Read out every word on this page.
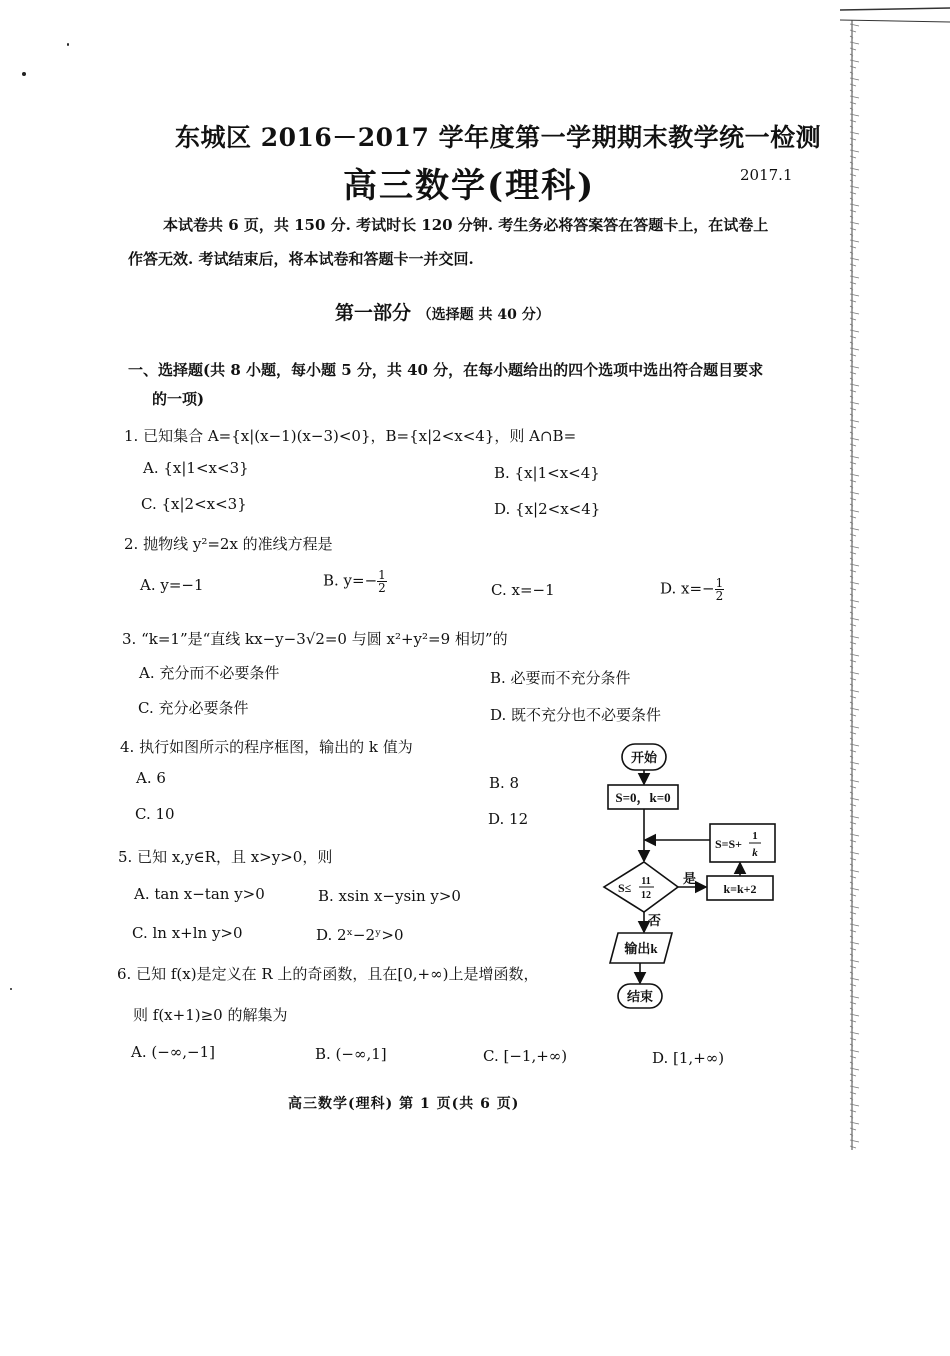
东城区 2016－2017 学年度第一学期期末教学统一检测
高三数学(理科)	2017.1
本试卷共 6 页，共 150 分. 考试时长 120 分钟. 考生务必将答案答在答题卡上，在试卷上
作答无效. 考试结束后，将本试卷和答题卡一并交回.
第一部分 （选择题 共 40 分）
一、选择题(共 8 小题，每小题 5 分，共 40 分，在每小题给出的四个选项中选出符合题目要求
的一项)
1. 已知集合 A={x|(x−1)(x−3)<0}，B={x|2<x<4}，则 A∩B=
A. {x|1<x<3}	B. {x|1<x<4}
C. {x|2<x<3}	D. {x|2<x<4}
2. 抛物线 y²=2x 的准线方程是
A. y=−1	B. $y=- \frac{1}{2}$	C. x=−1	D. $x=- \frac{1}{2}$
3. “k=1”是“直线 kx−y−3√2=0 与圆 x²+y²=9 相切”的
A. 充分而不必要条件	B. 必要而不充分条件
C. 充分必要条件	D. 既不充分也不必要条件
4. 执行如图所示的程序框图，输出的 k 值为
A. 6	B. 8
C. 10	D. 12
开始
S=0，k=0
S=S+
1
k
S≤ 11
12
是
k=k+2
否
输出k
结束
5. 已知 x,y∈R，且 x>y>0，则
A. tan x−tan y>0	B. xsin x−ysin y>0
C. ln x+ln y>0	D. 2ˣ−2ʸ>0
6. 已知 f(x)是定义在 R 上的奇函数，且在[0,+∞)上是增函数，
则 f(x+1)≥0 的解集为
A. (−∞,−1]	B. (−∞,1]	C. [−1,+∞)	D. [1,+∞)
高三数学(理科) 第 1 页(共 6 页)
